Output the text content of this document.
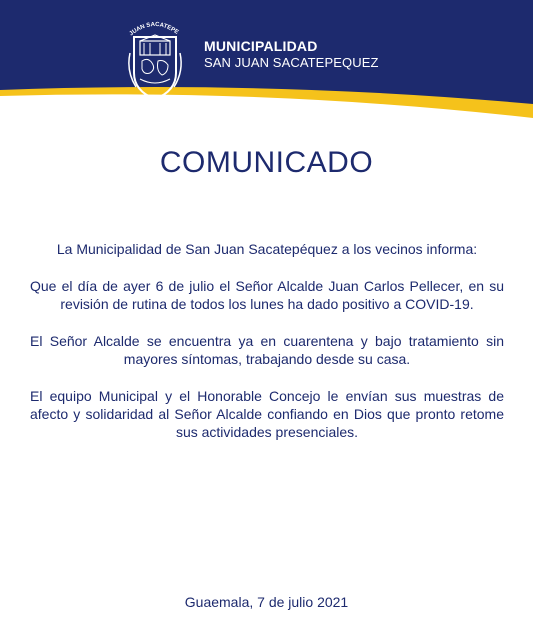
JUAN SACATEPE
MUNICIPALIDAD
SAN JUAN SACATEPEQUEZ
COMUNICADO

La Municipalidad de San Juan Sacatepéquez a los vecinos informa:

Que el día de ayer 6 de julio el Señor Alcalde Juan Carlos Pellecer, en su revisión de rutina de todos los lunes ha dado positivo a COVID-19.

El Señor Alcalde se encuentra ya en cuarentena y bajo tratamiento sin mayores síntomas, trabajando desde su casa.

El equipo Municipal y el Honorable Concejo le envían sus muestras de afecto y solidaridad al Señor Alcalde confiando en Dios que pronto retome sus actividades presenciales.

Guaemala, 7 de julio 2021
